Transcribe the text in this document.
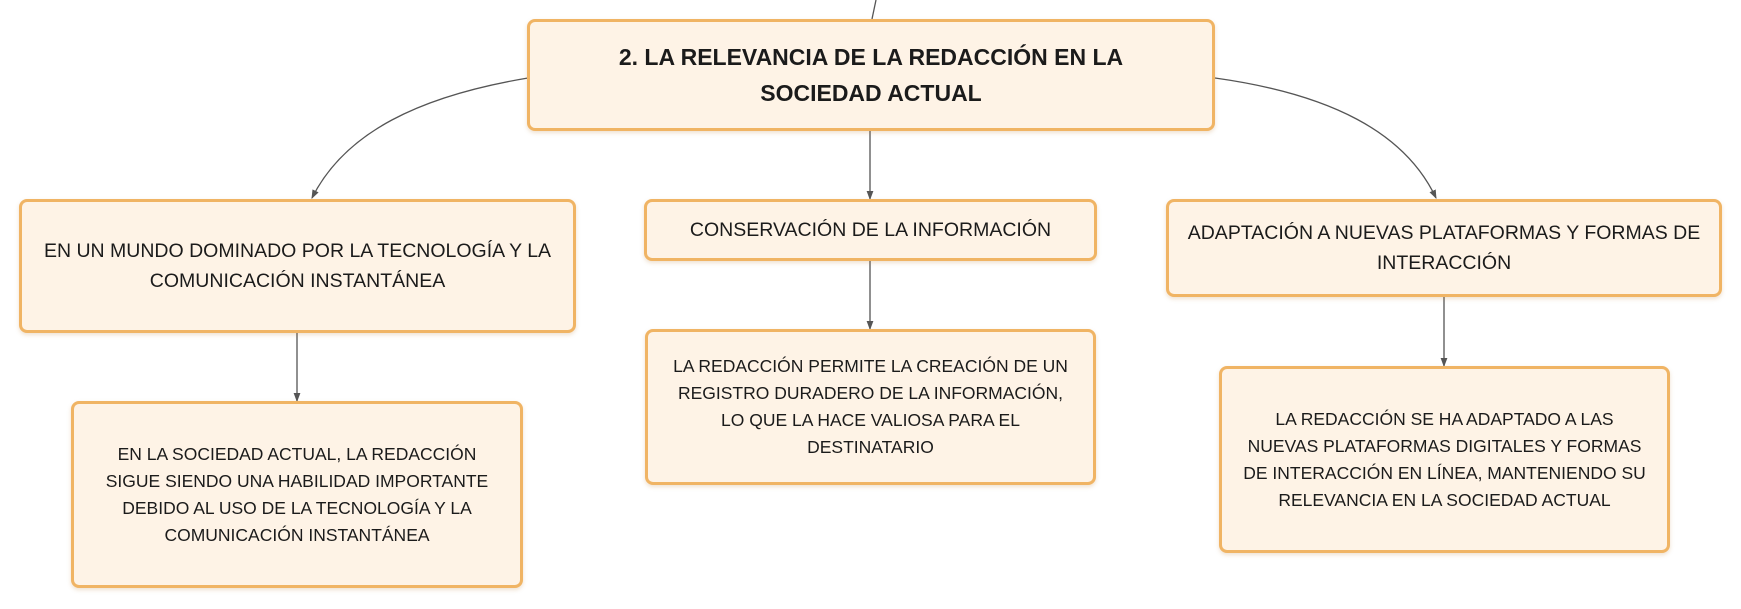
2. LA RELEVANCIA DE LA REDACCIÓN EN LA SOCIEDAD ACTUAL
EN UN MUNDO DOMINADO POR LA TECNOLOGÍA Y LA COMUNICACIÓN INSTANTÁNEA
CONSERVACIÓN DE LA INFORMACIÓN	ADAPTACIÓN A NUEVAS PLATAFORMAS Y FORMAS DE INTERACCIÓN
EN LA SOCIEDAD ACTUAL, LA REDACCIÓN SIGUE SIENDO UNA HABILIDAD IMPORTANTE DEBIDO AL USO DE LA TECNOLOGÍA Y LA COMUNICACIÓN INSTANTÁNEA
LA REDACCIÓN PERMITE LA CREACIÓN DE UN REGISTRO DURADERO DE LA INFORMACIÓN, LO QUE LA HACE VALIOSA PARA EL DESTINATARIO
LA REDACCIÓN SE HA ADAPTADO A LAS NUEVAS PLATAFORMAS DIGITALES Y FORMAS DE INTERACCIÓN EN LÍNEA, MANTENIENDO SU RELEVANCIA EN LA SOCIEDAD ACTUAL
